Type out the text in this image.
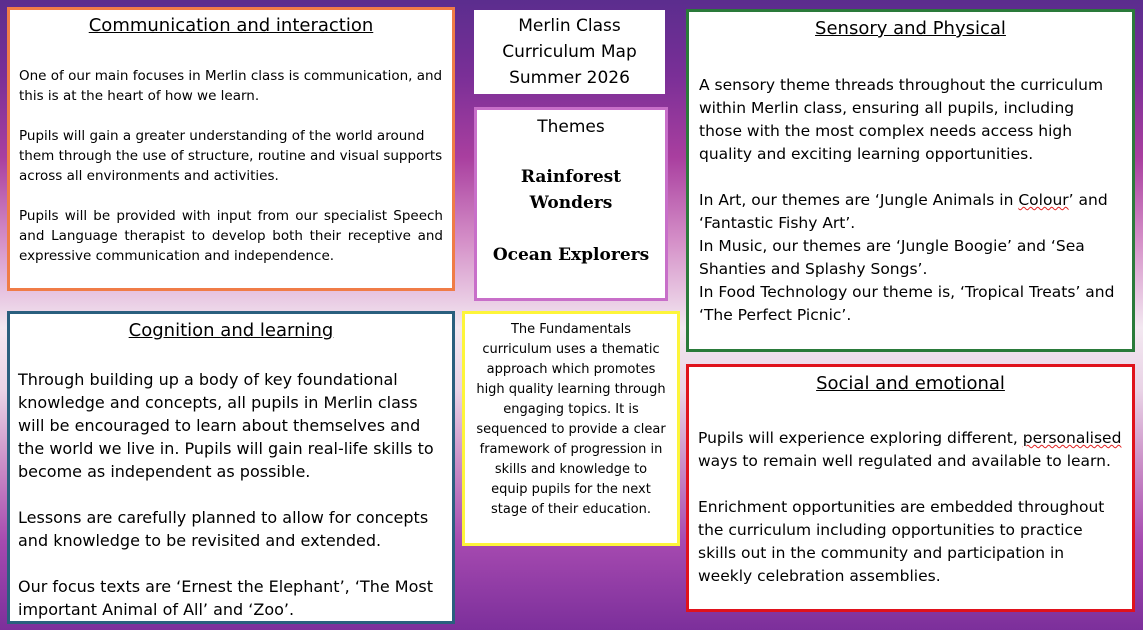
Communication and interaction

One of our main focuses in Merlin class is communication, and this is at the heart of how we learn.

Pupils will gain a greater understanding of the world around them through the use of structure, routine and visual supports across all environments and activities.

Pupils will be provided with input from our specialist Speech and Language therapist to develop both their receptive and expressive communication and independence.

Merlin Class
Curriculum Map
Summer 2026
Themes
Rainforest Wonders
Ocean Explorers

The Fundamentals curriculum uses a thematic approach which promotes high quality learning through engaging topics. It is sequenced to provide a clear framework of progression in skills and knowledge to equip pupils for the next stage of their education.

Sensory and Physical

A sensory theme threads throughout the curriculum within Merlin class, ensuring all pupils, including those with the most complex needs access high quality and exciting learning opportunities.

In Art, our themes are ‘Jungle Animals in Colour’ and ‘Fantastic Fishy Art’.

In Music, our themes are ‘Jungle Boogie’ and ‘Sea Shanties and Splashy Songs’.

In Food Technology our theme is, ‘Tropical Treats’ and ‘The Perfect Picnic’.

Cognition and learning

Through building up a body of key foundational knowledge and concepts, all pupils in Merlin class will be encouraged to learn about themselves and the world we live in. Pupils will gain real-life skills to become as independent as possible.

Lessons are carefully planned to allow for concepts and knowledge to be revisited and extended.

Our focus texts are ‘Ernest the Elephant’, ‘The Most important Animal of All’ and ‘Zoo’.

Social and emotional

Pupils will experience exploring different, personalised ways to remain well regulated and available to learn.

Enrichment opportunities are embedded throughout the curriculum including opportunities to practice skills out in the community and participation in weekly celebration assemblies.
